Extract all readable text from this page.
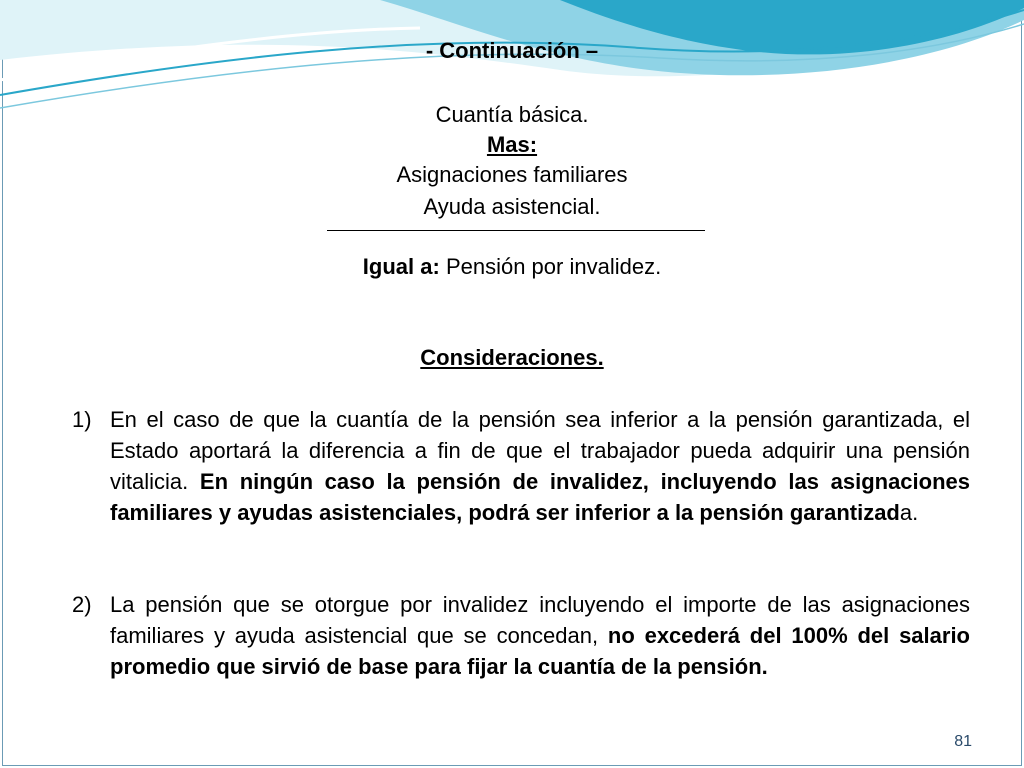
- Continuación –
Cuantía básica.
Mas:
Asignaciones familiares
Ayuda asistencial.
Igual a: Pensión por invalidez.
Consideraciones.
1) En el caso de que la cuantía de la pensión sea inferior a la pensión garantizada, el Estado aportará la diferencia a fin de que el trabajador pueda adquirir una pensión vitalicia. En ningún caso la pensión de invalidez, incluyendo las asignaciones familiares y ayudas asistenciales, podrá ser inferior a la pensión garantizada.
2) La pensión que se otorgue por invalidez incluyendo el importe de las asignaciones familiares y ayuda asistencial que se concedan, no excederá del 100% del salario promedio que sirvió de base para fijar la cuantía de la pensión.
81
